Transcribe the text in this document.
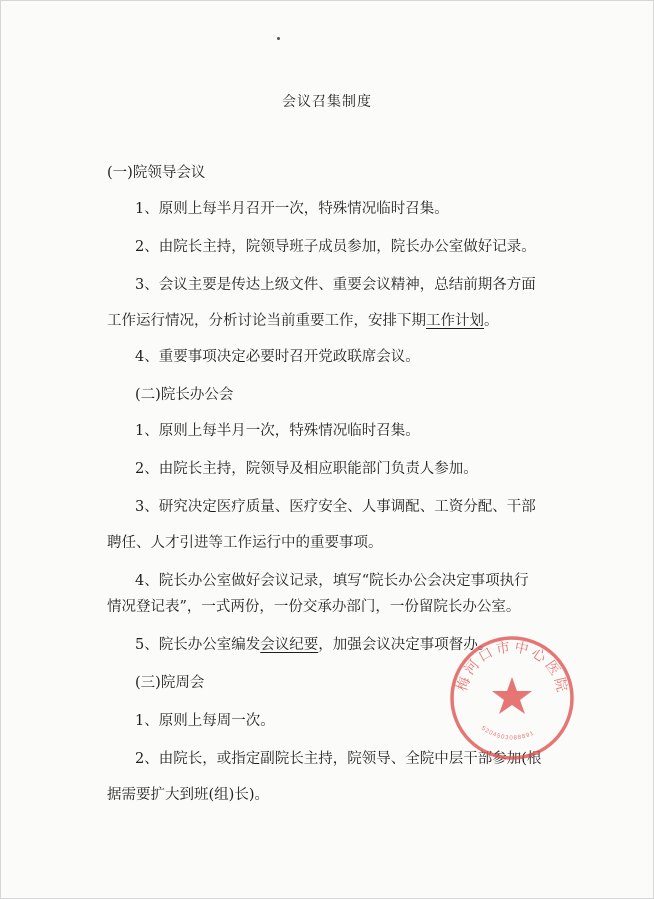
会议召集制度
(一)院领导会议
1、原则上每半月召开一次，特殊情况临时召集。
2、由院长主持，院领导班子成员参加，院长办公室做好记录。
3、会议主要是传达上级文件、重要会议精神，总结前期各方面
工作运行情况，分析讨论当前重要工作，安排下期工作计划。
4、重要事项决定必要时召开党政联席会议。
(二)院长办公会
1、原则上每半月一次，特殊情况临时召集。
2、由院长主持，院领导及相应职能部门负责人参加。
3、研究决定医疗质量、医疗安全、人事调配、工资分配、干部
聘任、人才引进等工作运行中的重要事项。
4、院长办公室做好会议记录，填写“院长办公会决定事项执行
情况登记表”，一式两份，一份交承办部门，一份留院长办公室。
5、院长办公室编发会议纪要，加强会议决定事项督办。
(三)院周会
1、原则上每周一次。
2、由院长，或指定副院长主持，院领导、全院中层干部参加(根
据需要扩大到班(组)长)。
梅河口市中心医院
5204503088891
